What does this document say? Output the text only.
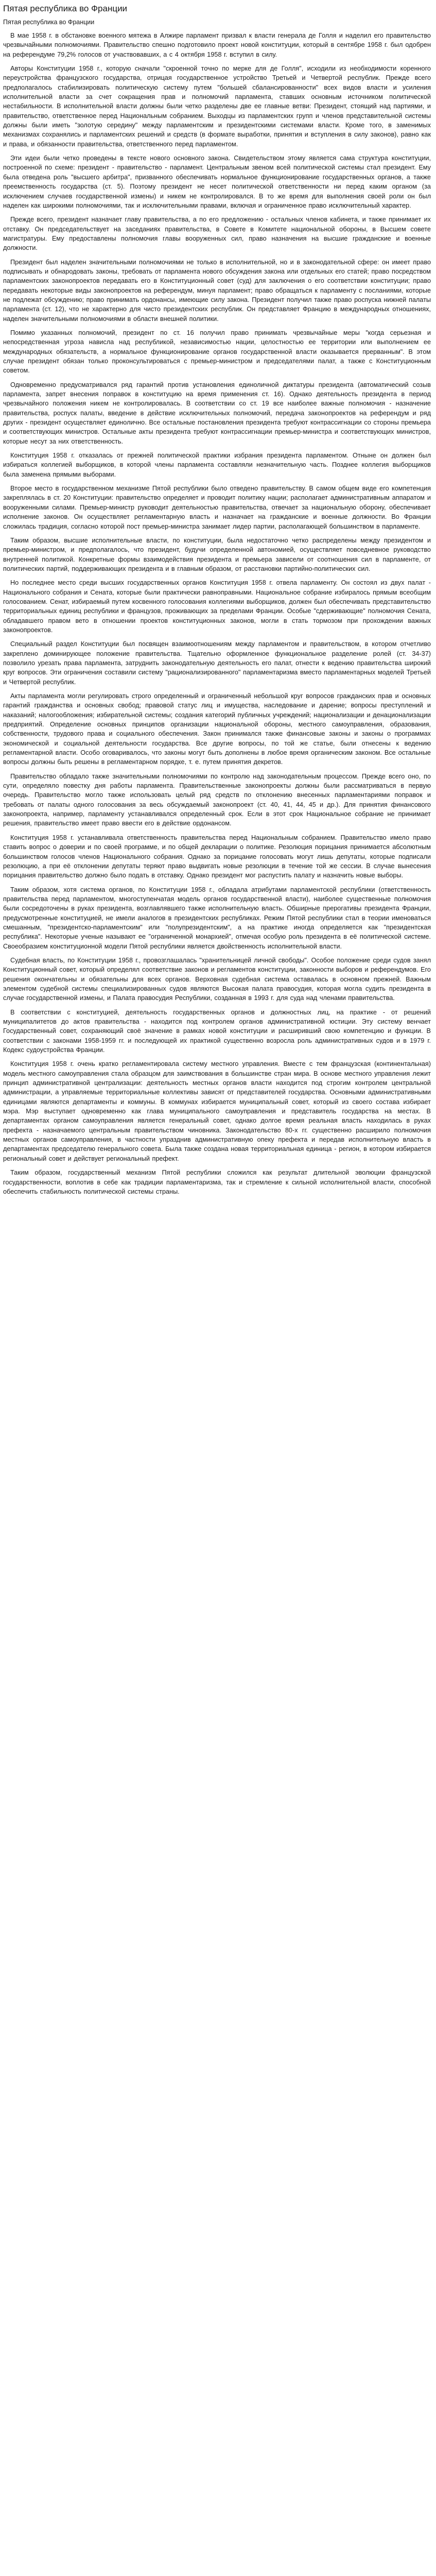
Пятая республика во Франции
Пятая республика во Франции

В мае 1958 г. в обстановке военного мятежа в Алжире парламент призвал к власти генерала де Голля и наделил его правительство чрезвычайными полномочиями. Правительство спешно подготовило проект новой конституции, который в сентябре 1958 г. был одобрен на референдуме 79,2% голосов от участвовавших, а с 4 октября 1958 г. вступил в силу.

Авторы Конституции 1958 г., которую сначали "скроенной точно по мерке для де Голля", исходили из необходимости коренного переустройства французского государства, отрицая государственное устройство Третьей и Четвертой республик. Прежде всего предполагалось стабилизировать политическую систему путем "большей сбалансированности" всех видов власти и усиления исполнительной власти за счет сокращения прав и полномочий парламента, ставших основным источником политической нестабильности. В исполнительной власти должны были четко разделены две ее главные ветви: Президент, стоящий над партиями, и правительство, ответственное перед Национальным собранием. Выходцы из парламентских групп и членов представительной системы должны были иметь "золотую середину" между парламентским и президентскими системами власти. Кроме того, в заменимых механизмах сохранялись и парламентских решений и средств (в формате выработки, принятия и вступления в силу законов), равно как и права, и обязанности правительства, ответственного перед парламентом.

Эти идеи были четко проведены в тексте нового основного закона. Свидетельством этому является сама структура конституции, построенной по схеме: президент - правительство - парламент. Центральным звеном всей политической системы стал президент. Ему была отведена роль "высшего арбитра", призванного обеспечивать нормальное функционирование государственных органов, а также преемственность государства (ст. 5). Поэтому президент не несет политической ответственности ни перед каким органом (за исключением случаев государственной измены) и никем не контролировался. В то же время для выполнения своей роли он был наделен как широкими полномочиями, так и исключительными правами, включая и ограниченное право исключительный характер.

Прежде всего, президент назначает главу правительства, а по его предложению - остальных членов кабинета, и также принимает их отставку. Он председательствует на заседаниях правительства, в Совете в Комитете национальной обороны, в Высшем совете магистратуры. Ему предоставлены полномочия главы вооруженных сил, право назначения на высшие гражданские и военные должности.

Президент был наделен значительными полномочиями не только в исполнительной, но и в законодательной сфере: он имеет право подписывать и обнародовать законы, требовать от парламента нового обсуждения закона или отдельных его статей; право посредством парламентских законопроектов передавать его в Конституционный совет (суд) для заключения о его соответствии конституции; право передавать некоторые виды законопроектов на референдум, минуя парламент; право обращаться к парламенту с посланиями, которые не подлежат обсуждению; право принимать ордонансы, имеющие силу закона. Президент получил также право роспуска нижней палаты парламента (ст. 12), что не характерно для чисто президентских республик. Он представляет Францию в международных отношениях, наделен значительными полномочиями в области внешней политики.

Помимо указанных полномочий, президент по ст. 16 получил право принимать чрезвычайные меры "когда серьезная и непосредственная угроза нависла над республикой, независимостью нации, целостностью ее территории или выполнением ее международных обязательств, а нормальное функционирование органов государственной власти оказывается прерванным". В этом случае президент обязан только проконсультироваться с премьер-министром и председателями палат, а также с Конституционным советом.

Одновременно предусматривался ряд гарантий против установления единоличной диктатуры президента (автоматический созыв парламента, запрет внесения поправок в конституцию на время применения ст. 16). Однако деятельность президента в период чрезвычайного положения никем не контролировалась. В соответствии со ст. 19 все наиболее важные полномочия - назначение правительства, роспуск палаты, введение в действие исключительных полномочий, передача законопроектов на референдум и ряд других - президент осуществляет единолично. Все остальные постановления президента требуют контрассигнации со стороны премьера и соответствующих министров. Остальные акты президента требуют контрассигнации премьер-министра и соответствующих министров, которые несут за них ответственность.

Конституция 1958 г. отказалась от прежней политической практики избрания президента парламентом. Отныне он должен был избираться коллегией выборщиков, в которой члены парламента составляли незначительную часть. Позднее коллегия выборщиков была заменена прямыми выборами.

Второе место в государственном механизме Пятой республики было отведено правительству. В самом общем виде его компетенция закреплялась в ст. 20 Конституции: правительство определяет и проводит политику нации; располагает административным аппаратом и вооруженными силами. Премьер-министр руководит деятельностью правительства, отвечает за национальную оборону, обеспечивает исполнение законов. Он осуществляет регламентарную власть и назначает на гражданские и военные должности. Во Франции сложилась традиция, согласно которой пост премьер-министра занимает лидер партии, располагающей большинством в парламенте.

Таким образом, высшие исполнительные власти, по конституции, была недостаточно четко распределены между президентом и премьер-министром, и предполагалось, что президент, будучи определенной автономией, осуществляет повседневное руководство внутренней политикой. Конкретные формы взаимодействия президента и премьера зависели от соотношения сил в парламенте, от политических партий, поддерживающих президента и в главным образом, от расстановки партийно-политических сил.

Но последнее место среди высших государственных органов Конституция 1958 г. отвела парламенту. Он состоял из двух палат - Национального собрания и Сената, которые были практически равноправными. Национальное собрание избиралось прямым всеобщим голосованием. Сенат, избираемый путем косвенного голосования коллегиями выборщиков, должен был обеспечивать представительство территориальных единиц республики и французов, проживающих за пределами Франции. Особые "сдерживающие" полномочия Сената, обладавшего правом вето в отношении проектов конституционных законов, могли в стать тормозом при прохождении важных законопроектов.

Специальный раздел Конституции был посвящен взаимоотношениям между парламентом и правительством, в котором отчетливо закреплено доминирующее положение правительства. Тщательно оформленное функциональное разделение ролей (ст. 34-37) позволило урезать права парламента, затруднить законодательную деятельность его палат, отнести к ведению правительства широкий круг вопросов. Эти ограничения составили систему "рационализированного" парламентаризма вместо парламентарных моделей Третьей и Четвертой республик.

Акты парламента могли регулировать строго определенный и ограниченный небольшой круг вопросов гражданских прав и основных гарантий гражданства и основных свобод; правовой статус лиц и имущества, наследование и дарение; вопросы преступлений и наказаний; налогообложения; избирательной системы; создания категорий публичных учреждений; национализации и денационализации предприятий. Определение основных принципов организации национальной обороны, местного самоуправления, образования, собственности, трудового права и социального обеспечения. Закон принимался также финансовые законы и законы о программах экономической и социальной деятельности государства. Все другие вопросы, по той же статье, были отнесены к ведению регламентарной власти. Особо оговаривалось, что законы могут быть дополнены в любое время органическим законом. Все остальные вопросы должны быть решены в регламентарном порядке, т. е. путем принятия декретов.

Правительство обладало также значительными полномочиями по контролю над законодательным процессом. Прежде всего оно, по сути, определяло повестку дня работы парламента. Правительственные законопроекты должны были рассматриваться в первую очередь. Правительство могло также использовать целый ряд средств по отклонению внесенных парламентариями поправок и требовать от палаты одного голосования за весь обсуждаемый законопроект (ст. 40, 41, 44, 45 и др.). Для принятия финансового законопроекта, например, парламенту устанавливался определенный срок. Если в этот срок Национальное собрание не принимает решения, правительство имеет право ввести его в действие ордонансом.

Конституция 1958 г. устанавливала ответственность правительства перед Национальным собранием. Правительство имело право ставить вопрос о доверии и по своей программе, и по общей декларации о политике. Резолюция порицания принимается абсолютным большинством голосов членов Национального собрания. Однако за порицание голосовать могут лишь депутаты, которые подписали резолюцию, а при её отклонении депутаты теряют право выдвигать новые резолюции в течение той же сессии. В случае вынесения порицания правительство должно было подать в отставку. Однако президент мог распустить палату и назначить новые выборы.

Таким образом, хотя система органов, по Конституции 1958 г., обладала атрибутами парламентской республики (ответственность правительства перед парламентом, многоступенчатая модель органов государственной власти), наиболее существенные полномочия были сосредоточены в руках президента, возглавлявшего также исполнительную власть. Обширные прерогативы президента Франции, предусмотренные конституцией, не имели аналогов в президентских республиках. Режим Пятой республики стал в теории именоваться смешанным, "президентско-парламентским" или "полупрезидентским", а на практике иногда определяется как "президентская республика". Некоторые ученые называют ее "ограниченной монархией", отмечая особую роль президента в её политической системе. Своеобразием конституционной модели Пятой республики является двойственность исполнительной власти.

Судебная власть, по Конституции 1958 г., провозглашалась "хранительницей личной свободы". Особое положение среди судов занял Конституционный совет, который определял соответствие законов и регламентов конституции, законности выборов и референдумов. Его решения окончательны и обязательны для всех органов. Верховная судебная система оставалась в основном прежней. Важным элементом судебной системы специализированных судов являются Высокая палата правосудия, которая могла судить президента в случае государственной измены, и Палата правосудия Республики, созданная в 1993 г. для суда над членами правительства.

В соответствии с конституцией, деятельность государственных органов и должностных лиц, на практике - от решений муниципалитетов до актов правительства - находится под контролем органов административной юстиции. Эту систему венчает Государственный совет, сохраняющий своё значение в рамках новой конституции и расширивший свою компетенцию и функции. В соответствии с законами 1958-1959 гг. и последующей их практикой существенно возросла роль административных судов и в 1979 г. Кодекс судоустройства Франции.

Конституция 1958 г. очень кратко регламентировала систему местного управления. Вместе с тем французская (континентальная) модель местного самоуправления стала образцом для заимствования в большинстве стран мира. В основе местного управления лежит принцип административной централизации: деятельность местных органов власти находится под строгим контролем центральной администрации, а управляемые территориальные коллективы зависят от представителей государства. Основными административными единицами являются департаменты и коммуны. В коммунах избирается муниципальный совет, который из своего состава избирает мэра. Мэр выступает одновременно как глава муниципального самоуправления и представитель государства на местах. В департаментах органом самоуправления является генеральный совет, однако долгое время реальная власть находилась в руках префекта - назначаемого центральным правительством чиновника. Законодательство 80-х гг. существенно расширило полномочия местных органов самоуправления, в частности упразднив административную опеку префекта и передав исполнительную власть в департаментах председателю генерального совета. Была также создана новая территориальная единица - регион, в котором избирается региональный совет и действует региональный префект.

Таким образом, государственный механизм Пятой республики сложился как результат длительной эволюции французской государственности, воплотив в себе как традиции парламентаризма, так и стремление к сильной исполнительной власти, способной обеспечить стабильность политической системы страны.
